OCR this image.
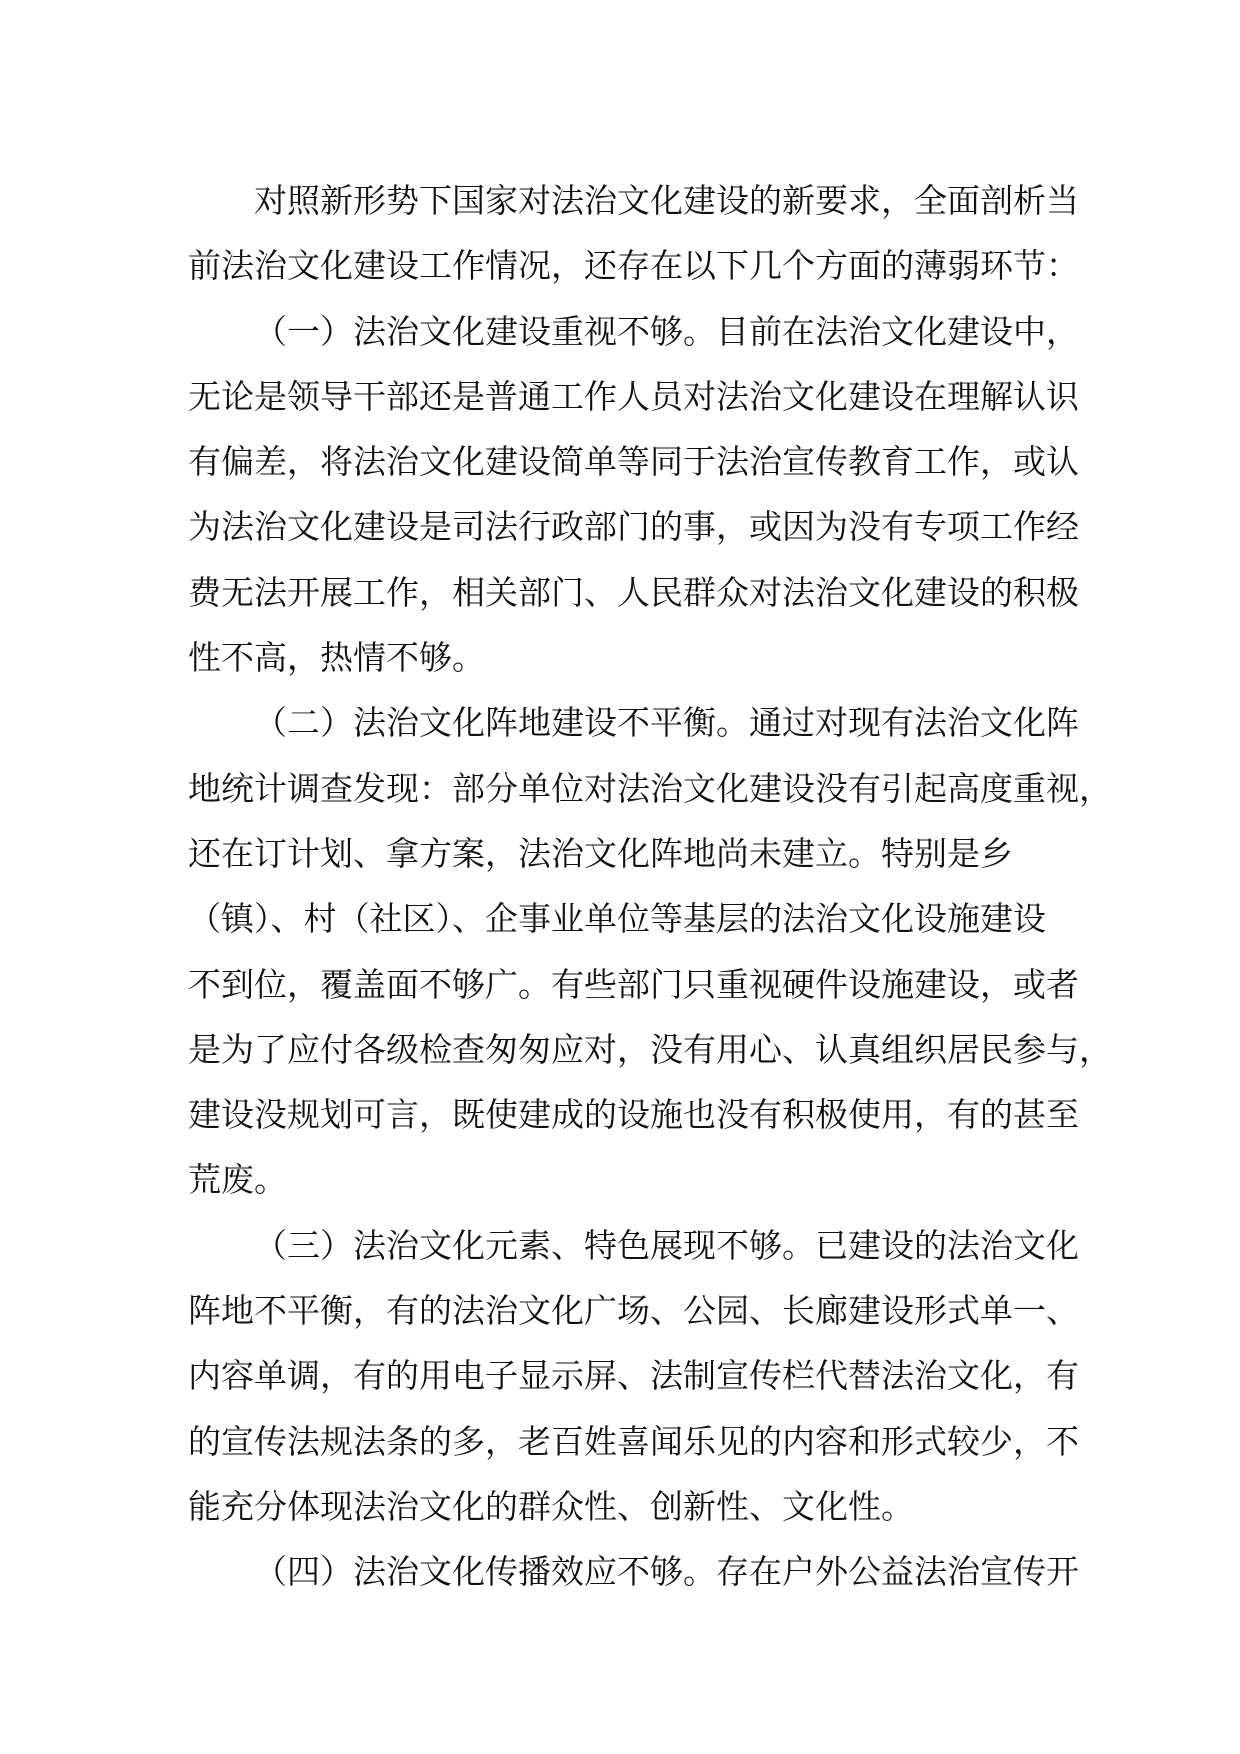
对照新形势下国家对法治文化建设的新要求，全面剖析当
前法治文化建设工作情况，还存在以下几个方面的薄弱环节：
（一）法治文化建设重视不够。目前在法治文化建设中，
无论是领导干部还是普通工作人员对法治文化建设在理解认识
有偏差，将法治文化建设简单等同于法治宣传教育工作，或认
为法治文化建设是司法行政部门的事，或因为没有专项工作经
费无法开展工作，相关部门、人民群众对法治文化建设的积极
性不高，热情不够。
（二）法治文化阵地建设不平衡。通过对现有法治文化阵
地统计调查发现：部分单位对法治文化建设没有引起高度重视，
还在订计划、拿方案，法治文化阵地尚未建立。特别是乡
（镇）、村（社区）、企事业单位等基层的法治文化设施建设
不到位，覆盖面不够广。有些部门只重视硬件设施建设，或者
是为了应付各级检查匆匆应对，没有用心、认真组织居民参与，
建设没规划可言，既使建成的设施也没有积极使用，有的甚至
荒废。
（三）法治文化元素、特色展现不够。已建设的法治文化
阵地不平衡，有的法治文化广场、公园、长廊建设形式单一、
内容单调，有的用电子显示屏、法制宣传栏代替法治文化，有
的宣传法规法条的多，老百姓喜闻乐见的内容和形式较少，不
能充分体现法治文化的群众性、创新性、文化性。
（四）法治文化传播效应不够。存在户外公益法治宣传开
